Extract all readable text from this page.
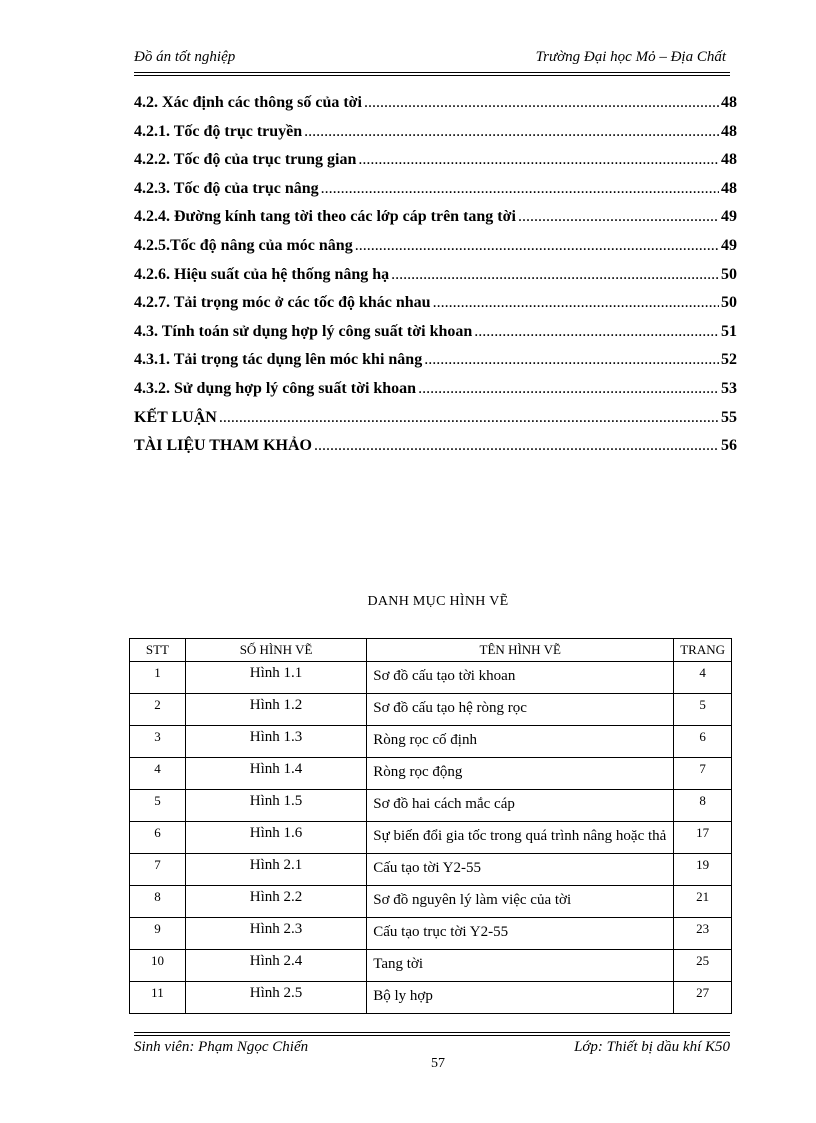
Đồ án tốt nghiệp	Trường Đại học Mỏ – Địa Chất
4.2. Xác định các thông số của tời .....	48
4.2.1. Tốc độ trục truyền .....	48
4.2.2. Tốc độ của trục trung gian .....	48
4.2.3. Tốc độ của trục nâng .....	48
4.2.4. Đường kính tang tời theo các lớp cáp trên tang tời .....	49
4.2.5.Tốc độ nâng của móc nâng .....	49
4.2.6. Hiệu suất của hệ thống nâng hạ .....	50
4.2.7. Tải trọng móc ở các tốc độ khác nhau .....	50
4.3. Tính toán sử dụng hợp lý công suất tời khoan .....	51
4.3.1. Tải trọng tác dụng lên móc khi nâng .....	52
4.3.2. Sử dụng hợp lý công suất tời khoan .....	53
KẾT LUẬN .....	55
TÀI LIỆU THAM KHẢO .....	56
DANH MỤC HÌNH VẼ
STT	SỐ HÌNH VẼ	TÊN HÌNH VẼ	TRANG
1	Hình 1.1	Sơ đồ cấu tạo tời khoan	4
2	Hình 1.2	Sơ đồ cấu tạo hệ ròng rọc	5
3	Hình 1.3	Ròng rọc cố định	6
4	Hình 1.4	Ròng rọc động	7
5	Hình 1.5	Sơ đồ hai cách mắc cáp	8
6	Hình 1.6	Sự biến đổi gia tốc trong quá trình nâng hoặc thả	17
7	Hình 2.1	Cấu tạo tời Y2-55	19
8	Hình 2.2	Sơ đồ nguyên lý làm việc của tời	21
9	Hình 2.3	Cấu tạo trục tời Y2-55	23
10	Hình 2.4	Tang tời	25
11	Hình 2.5	Bộ ly hợp	27
Sinh viên: Phạm Ngọc Chiến	Lớp: Thiết bị dầu khí K50
57
